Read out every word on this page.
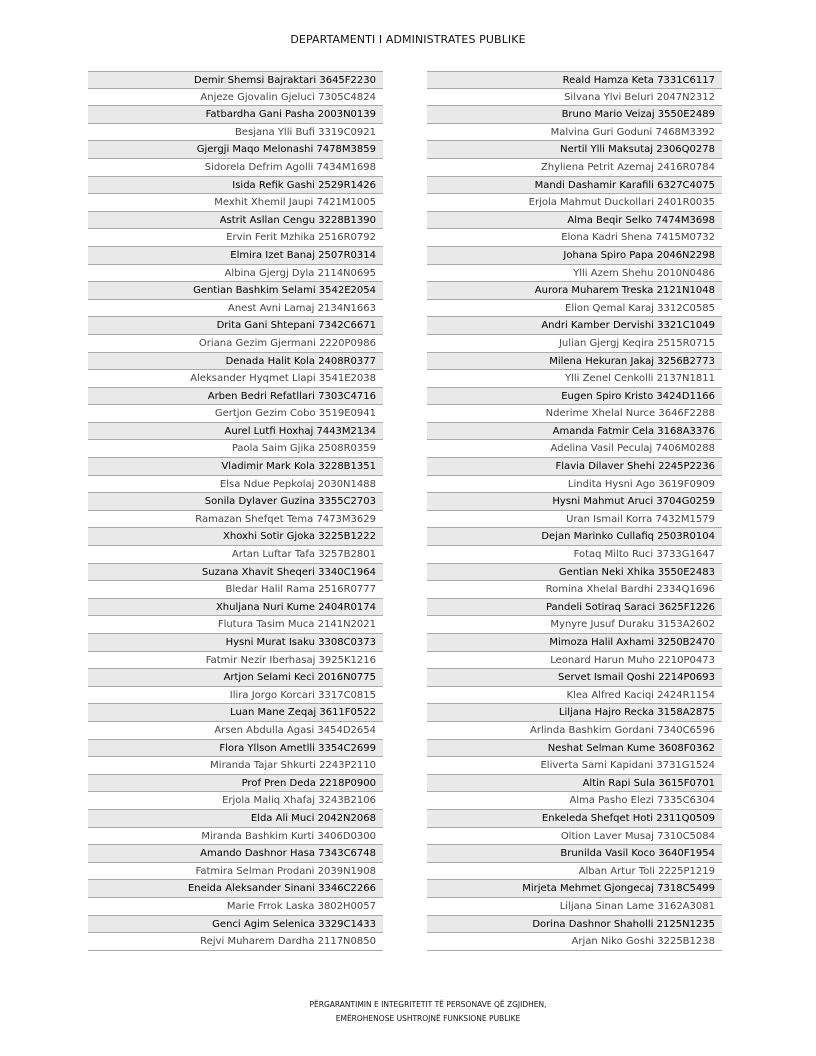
DEPARTAMENTI I ADMINISTRATES PUBLIKE
Demir Shemsi Bajraktari 3645F2230
Anjeze Gjovalin Gjeluci 7305C4824
Fatbardha Gani Pasha 2003N0139
Besjana Ylli Bufi 3319C0921
Gjergji Maqo Melonashi 7478M3859
Sidorela Defrim Agolli 7434M1698
Isida Refik Gashi 2529R1426
Mexhit Xhemil Jaupi 7421M1005
Astrit Asllan Cengu 3228B1390
Ervin Ferit Mzhika 2516R0792
Elmira Izet Banaj 2507R0314
Albina Gjergj Dyla 2114N0695
Gentian Bashkim Selami 3542E2054
Anest Avni Lamaj 2134N1663
Drita Gani Shtepani 7342C6671
Oriana Gezim Gjermani 2220P0986
Denada Halit Kola 2408R0377
Aleksander Hyqmet Llapi 3541E2038
Arben Bedri Refatllari 7303C4716
Gertjon Gezim Cobo 3519E0941
Aurel Lutfi Hoxhaj 7443M2134
Paola Saim Gjika 2508R0359
Vladimir Mark Kola 3228B1351
Elsa Ndue Pepkolaj 2030N1488
Sonila Dylaver Guzina 3355C2703
Ramazan Shefqet Tema 7473M3629
Xhoxhi Sotir Gjoka 3225B1222
Artan Luftar Tafa 3257B2801
Suzana Xhavit Sheqeri 3340C1964
Bledar Halil Rama 2516R0777
Xhuljana Nuri Kume 2404R0174
Flutura Tasim Muca 2141N2021
Hysni Murat Isaku 3308C0373
Fatmir Nezir Iberhasaj 3925K1216
Artjon Selami Keci 2016N0775
Ilira Jorgo Korcari 3317C0815
Luan Mane Zeqaj 3611F0522
Arsen Abdulla Agasi 3454D2654
Flora Yllson Ametlli 3354C2699
Miranda Tajar Shkurti 2243P2110
Prof Pren Deda 2218P0900
Erjola Maliq Xhafaj 3243B2106
Elda Ali Muci 2042N2068
Miranda Bashkim Kurti 3406D0300
Amando Dashnor Hasa 7343C6748
Fatmira Selman Prodani 2039N1908
Eneida Aleksander Sinani 3346C2266
Marie Frrok Laska 3802H0057
Genci Agim Selenica 3329C1433
Rejvi Muharem Dardha 2117N0850
Reald Hamza Keta 7331C6117
Silvana Ylvi Beluri 2047N2312
Bruno Mario Veizaj 3550E2489
Malvina Guri Goduni 7468M3392
Nertil Ylli Maksutaj 2306Q0278
Zhyliena Petrit Azemaj 2416R0784
Mandi Dashamir Karafili 6327C4075
Erjola Mahmut Duckollari 2401R0035
Alma Beqir Selko 7474M3698
Elona Kadri Shena 7415M0732
Johana Spiro Papa 2046N2298
Ylli Azem Shehu 2010N0486
Aurora Muharem Treska 2121N1048
Elion Qemal Karaj 3312C0585
Andri Kamber Dervishi 3321C1049
Julian Gjergj Keqira 2515R0715
Milena Hekuran Jakaj 3256B2773
Ylli Zenel Cenkolli 2137N1811
Eugen Spiro Kristo 3424D1166
Nderime Xhelal Nurce 3646F2288
Amanda Fatmir Cela 3168A3376
Adelina Vasil Peculaj 7406M0288
Flavia Dilaver Shehi 2245P2236
Lindita Hysni Ago 3619F0909
Hysni Mahmut Aruci 3704G0259
Uran Ismail Korra 7432M1579
Dejan Marinko Cullafiq 2503R0104
Fotaq Milto Ruci 3733G1647
Gentian Neki Xhika 3550E2483
Romina Xhelal Bardhi 2334Q1696
Pandeli Sotiraq Saraci 3625F1226
Mynyre Jusuf Duraku 3153A2602
Mimoza Halil Axhami 3250B2470
Leonard Harun Muho 2210P0473
Servet Ismail Qoshi 2214P0693
Klea Alfred Kaciqi 2424R1154
Liljana Hajro Recka 3158A2875
Arlinda Bashkim Gordani 7340C6596
Neshat Selman Kume 3608F0362
Eliverta Sami Kapidani 3731G1524
Altin Rapi Sula 3615F0701
Alma Pasho Elezi 7335C6304
Enkeleda Shefqet Hoti 2311Q0509
Oltion Laver Musaj 7310C5084
Brunilda Vasil Koco 3640F1954
Alban Artur Toli 2225P1219
Mirjeta Mehmet Gjongecaj 7318C5499
Liljana Sinan Lame 3162A3081
Dorina Dashnor Shaholli 2125N1235
Arjan Niko Goshi 3225B1238
PËRGARANTIMIN E INTEGRITETIT TË PERSONAVE QË ZGJIDHEN,
EMËROHENOSE USHTROJNË FUNKSIONE PUBLIKE
